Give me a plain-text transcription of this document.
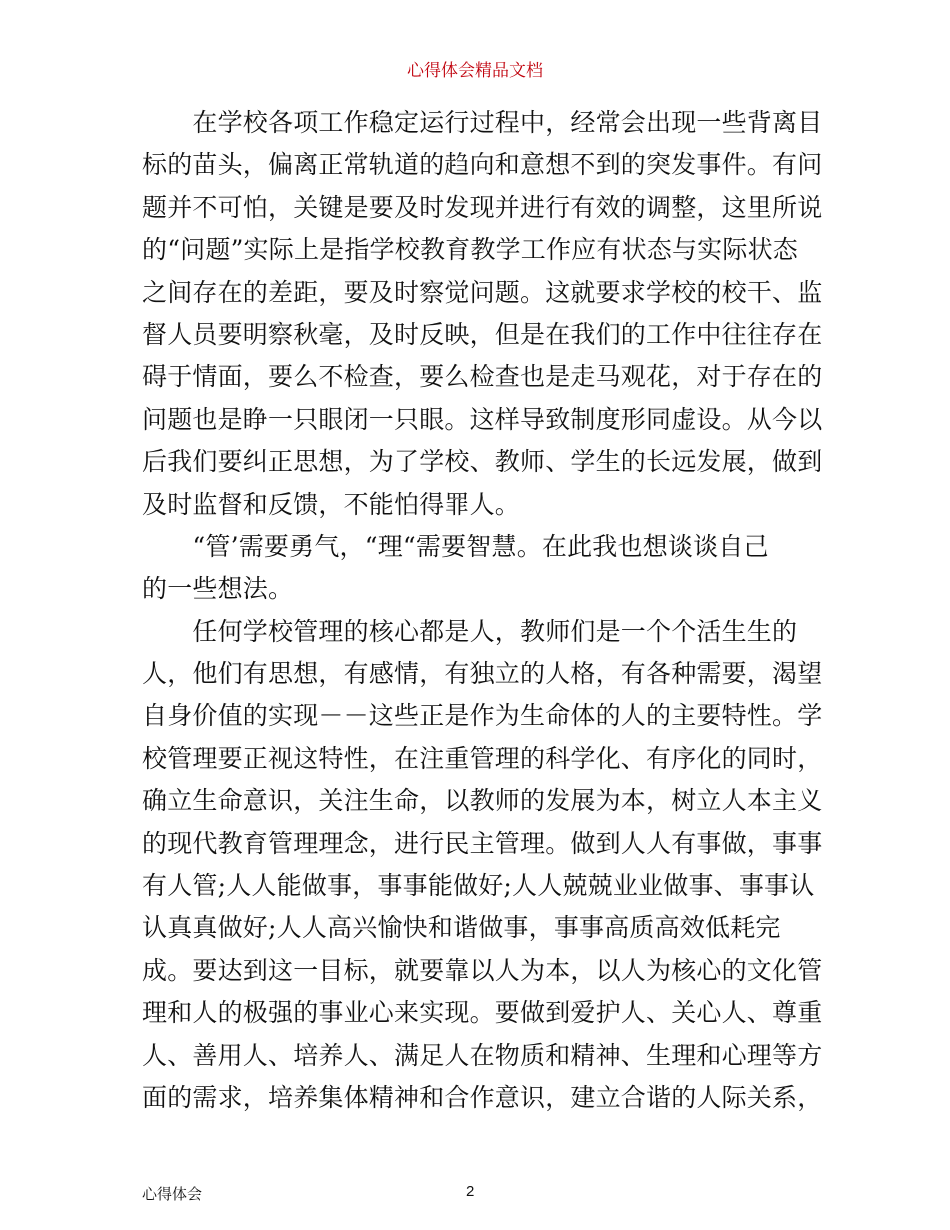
心得体会精品文档
　　在学校各项工作稳定运行过程中，经常会出现一些背离目
标的苗头，偏离正常轨道的趋向和意想不到的突发事件。有问
题并不可怕，关键是要及时发现并进行有效的调整，这里所说
的“问题”实际上是指学校教育教学工作应有状态与实际状态
之间存在的差距，要及时察觉问题。这就要求学校的校干、监
督人员要明察秋毫，及时反映，但是在我们的工作中往往存在
碍于情面，要么不检查，要么检查也是走马观花，对于存在的
问题也是睁一只眼闭一只眼。这样导致制度形同虚设。从今以
后我们要纠正思想，为了学校、教师、学生的长远发展，做到
及时监督和反馈，不能怕得罪人。
　　“管’需要勇气，“理“需要智慧。在此我也想谈谈自己
的一些想法。
　　任何学校管理的核心都是人，教师们是一个个活生生的
人，他们有思想，有感情，有独立的人格，有各种需要，渴望
自身价值的实现－－这些正是作为生命体的人的主要特性。学
校管理要正视这特性，在注重管理的科学化、有序化的同时，
确立生命意识，关注生命，以教师的发展为本，树立人本主义
的现代教育管理理念，进行民主管理。做到人人有事做，事事
有人管;人人能做事，事事能做好;人人兢兢业业做事、事事认
认真真做好;人人高兴愉快和谐做事，事事高质高效低耗完
成。要达到这一目标，就要靠以人为本，以人为核心的文化管
理和人的极强的事业心来实现。要做到爱护人、关心人、尊重
人、善用人、培养人、满足人在物质和精神、生理和心理等方
面的需求，培养集体精神和合作意识，建立合谐的人际关系，
心得体会	2
